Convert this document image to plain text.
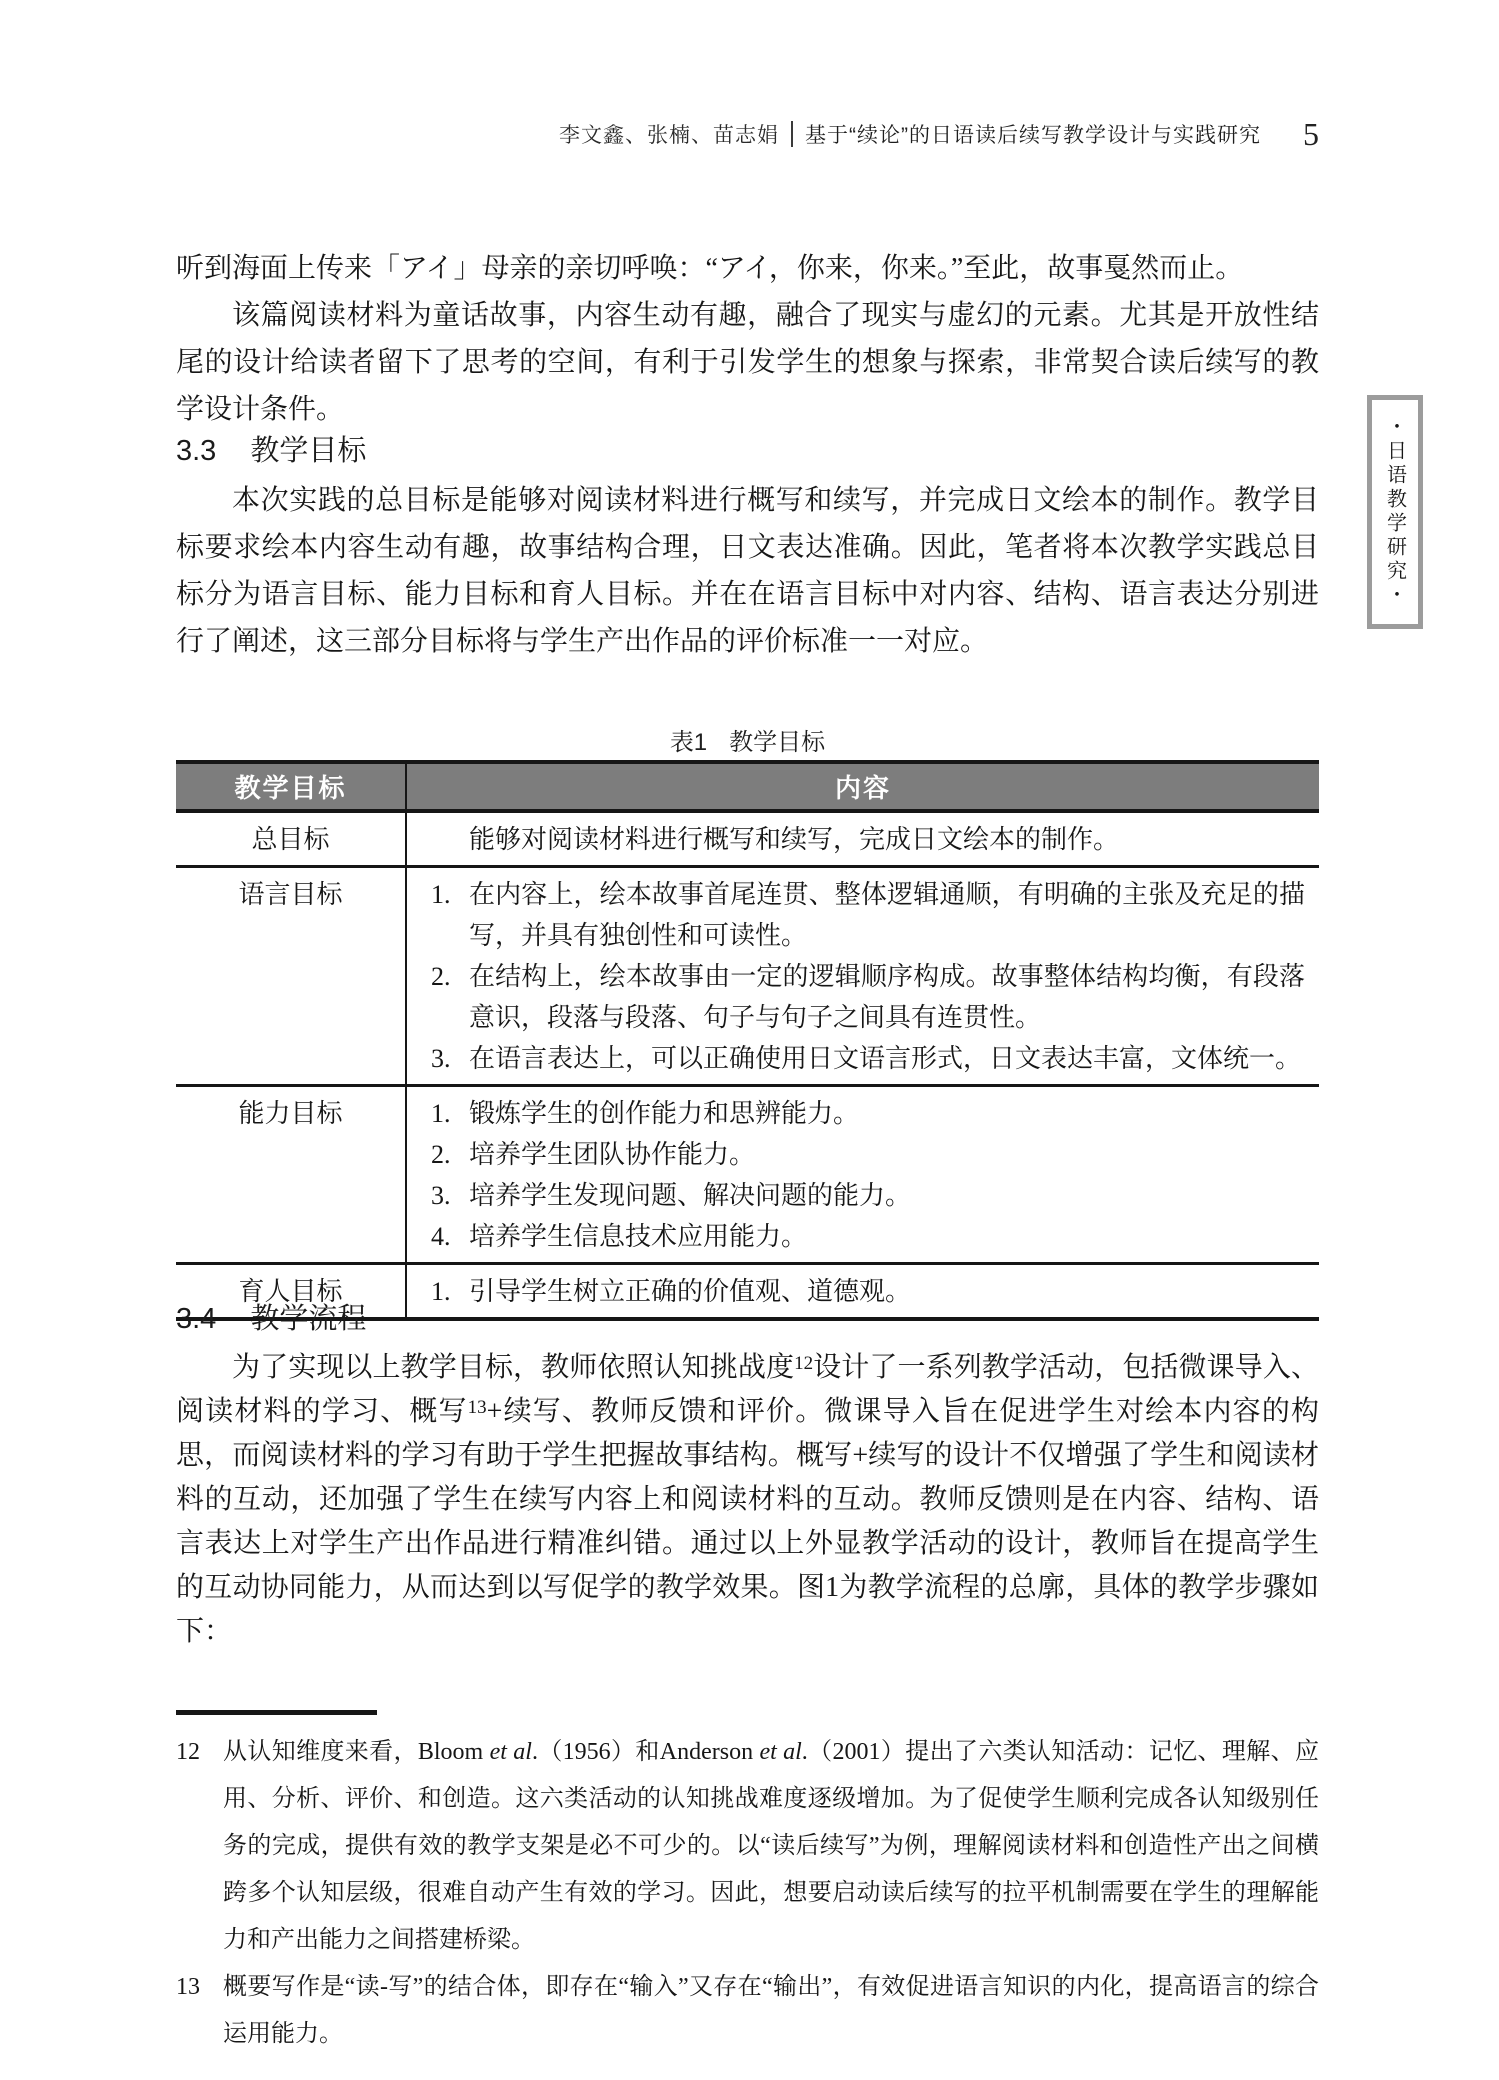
李文鑫、张楠、苗志娟 基于“续论”的日语读后续写教学设计与实践研究 5
・日语教学研究・

听到海面上传来「アイ」母亲的亲切呼唤：“アイ，你来，你来。”至此，故事戛然而止。

该篇阅读材料为童话故事，内容生动有趣，融合了现实与虚幻的元素。尤其是开放性结尾的设计给读者留下了思考的空间，有利于引发学生的想象与探索，非常契合读后续写的教学设计条件。

3.3 教学目标

本次实践的总目标是能够对阅读材料进行概写和续写，并完成日文绘本的制作。教学目标要求绘本内容生动有趣，故事结构合理，日文表达准确。因此，笔者将本次教学实践总目标分为语言目标、能力目标和育人目标。并在在语言目标中对内容、结构、语言表达分别进行了阐述，这三部分目标将与学生产出作品的评价标准一一对应。

表1 教学目标
教学目标	内容
总目标	能够对阅读材料进行概写和续写，完成日文绘本的制作。
语言目标	1. 在内容上，绘本故事首尾连贯、整体逻辑通顺，有明确的主张及充足的描写，并具有独创性和可读性。
2. 在结构上，绘本故事由一定的逻辑顺序构成。故事整体结构均衡，有段落意识，段落与段落、句子与句子之间具有连贯性。
3. 在语言表达上，可以正确使用日文语言形式，日文表达丰富，文体统一。
能力目标	1. 锻炼学生的创作能力和思辨能力。
2. 培养学生团队协作能力。
3. 培养学生发现问题、解决问题的能力。
4. 培养学生信息技术应用能力。
育人目标	1. 引导学生树立正确的价值观、道德观。
3.4 教学流程

为了实现以上教学目标，教师依照认知挑战度$^{12}$设计了一系列教学活动，包括微课导入、阅读材料的学习、概写$^{13}$+续写、教师反馈和评价。微课导入旨在促进学生对绘本内容的构思，而阅读材料的学习有助于学生把握故事结构。概写+续写的设计不仅增强了学生和阅读材料的互动，还加强了学生在续写内容上和阅读材料的互动。教师反馈则是在内容、结构、语言表达上对学生产出作品进行精准纠错。通过以上外显教学活动的设计，教师旨在提高学生的互动协同能力，从而达到以写促学的教学效果。图1为教学流程的总廓，具体的教学步骤如下：

12 从认知维度来看，Bloom et al.（1956）和Anderson et al.（2001）提出了六类认知活动：记忆、理解、应用、分析、评价、和创造。这六类活动的认知挑战难度逐级增加。为了促使学生顺利完成各认知级别任务的完成，提供有效的教学支架是必不可少的。以“读后续写”为例，理解阅读材料和创造性产出之间横跨多个认知层级，很难自动产生有效的学习。因此，想要启动读后续写的拉平机制需要在学生的理解能力和产出能力之间搭建桥梁。
13 概要写作是“读-写”的结合体，即存在“输入”又存在“输出”，有效促进语言知识的内化，提高语言的综合运用能力。
